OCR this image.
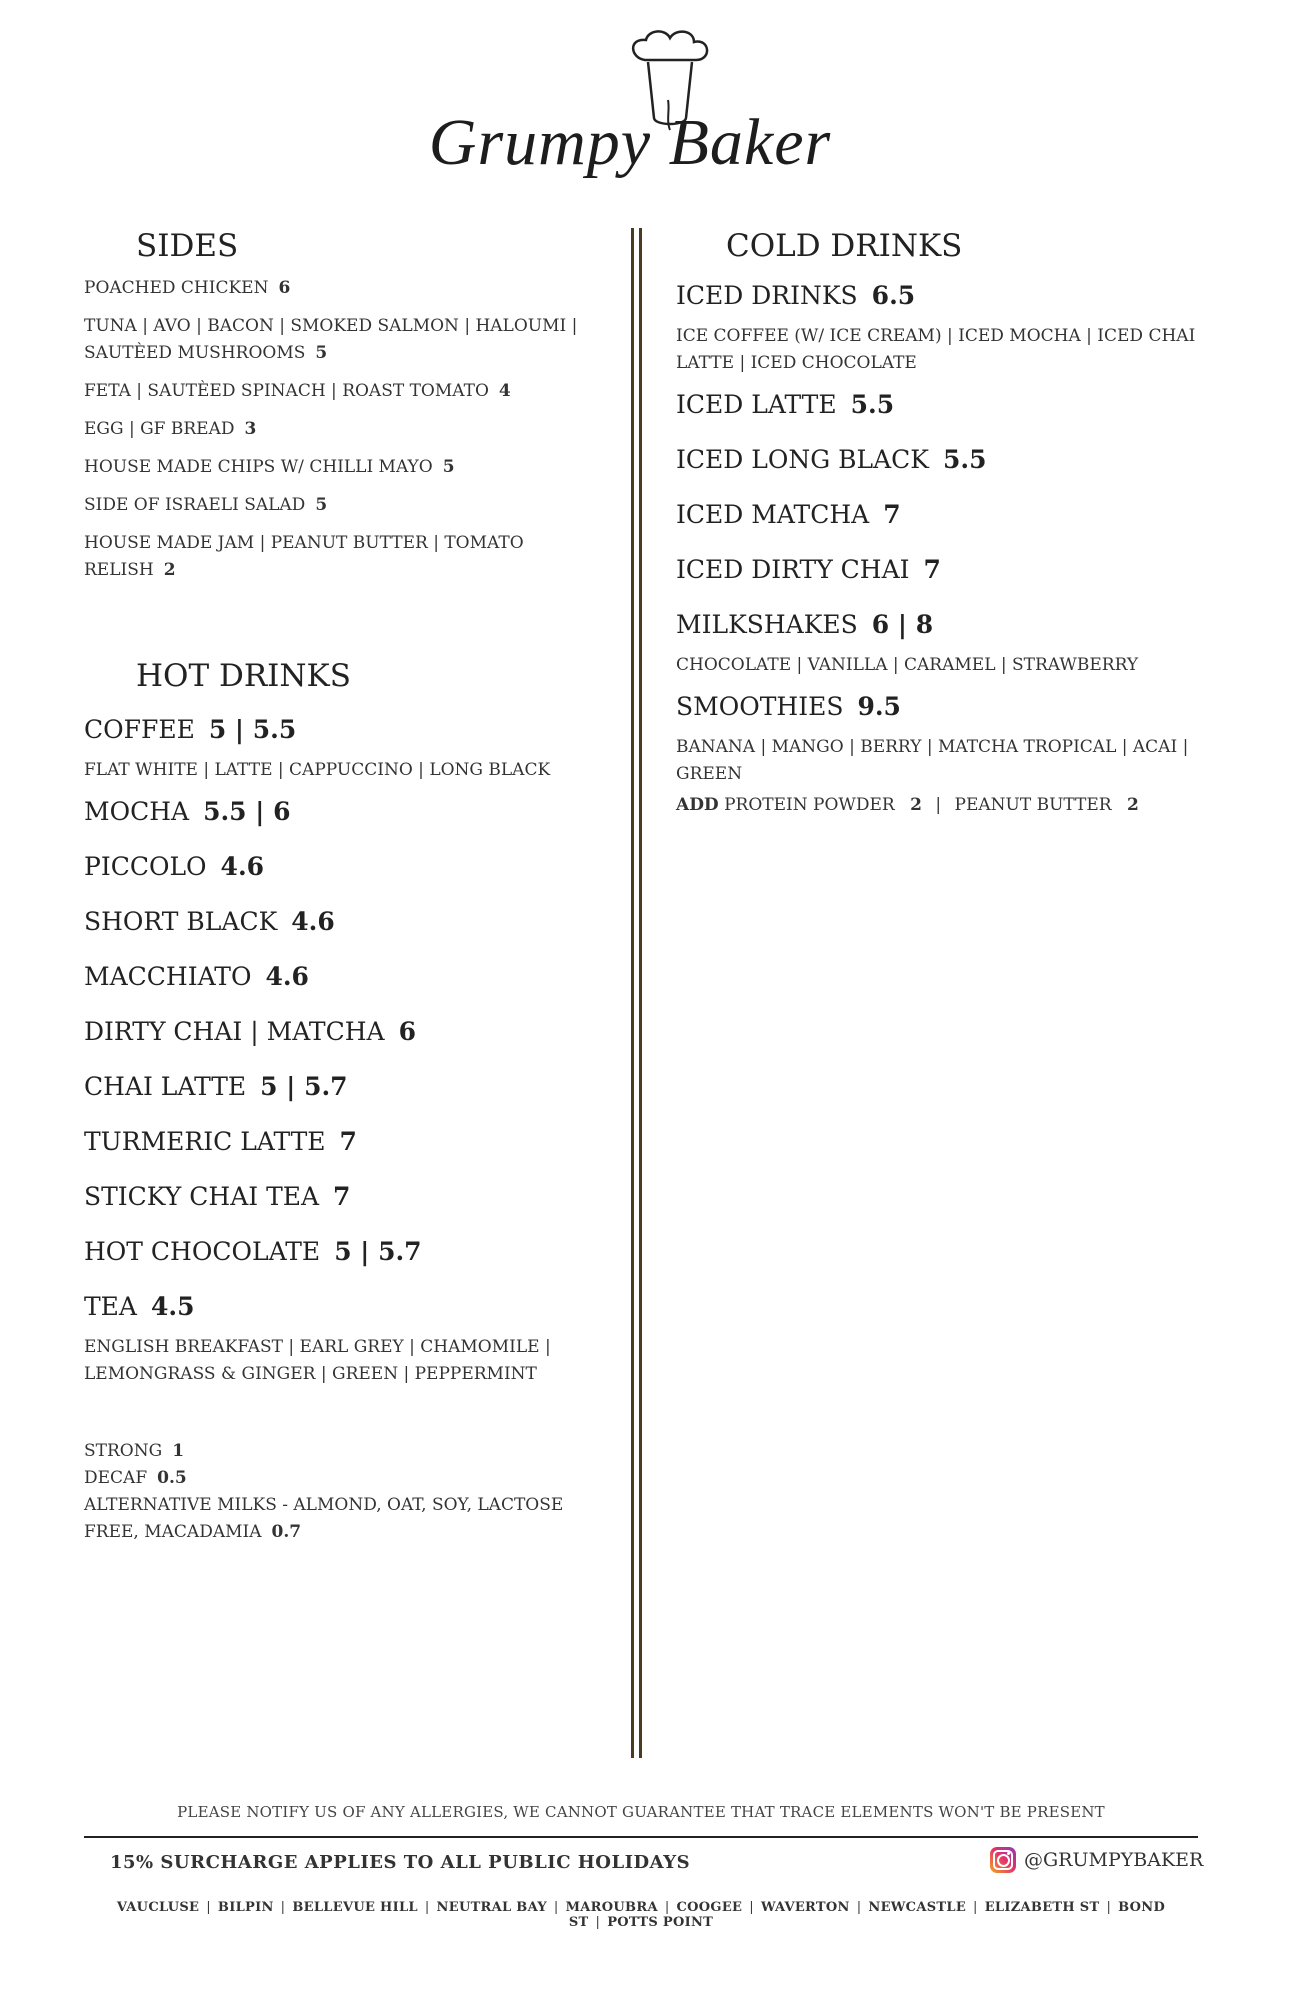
Grumpy Baker
SIDES
POACHED CHICKEN 6
TUNA | AVO | BACON | SMOKED SALMON | HALOUMI | SAUTÈED MUSHROOMS 5
FETA | SAUTÈED SPINACH | ROAST TOMATO 4
EGG | GF BREAD 3
HOUSE MADE CHIPS W/ CHILLI MAYO 5
SIDE OF ISRAELI SALAD 5
HOUSE MADE JAM | PEANUT BUTTER | TOMATO RELISH 2
HOT DRINKS
COFFEE 5 | 5.5
FLAT WHITE | LATTE | CAPPUCCINO | LONG BLACK
MOCHA 5.5 | 6
PICCOLO 4.6
SHORT BLACK 4.6
MACCHIATO 4.6
DIRTY CHAI | MATCHA 6
CHAI LATTE 5 | 5.7
TURMERIC LATTE 7
STICKY CHAI TEA 7
HOT CHOCOLATE 5 | 5.7
TEA 4.5
ENGLISH BREAKFAST | EARL GREY | CHAMOMILE | LEMONGRASS & GINGER | GREEN | PEPPERMINT
STRONG 1
DECAF 0.5
ALTERNATIVE MILKS - ALMOND, OAT, SOY, LACTOSE FREE, MACADAMIA 0.7
COLD DRINKS
ICED DRINKS 6.5
ICE COFFEE (W/ ICE CREAM) | ICED MOCHA | ICED CHAI LATTE | ICED CHOCOLATE
ICED LATTE 5.5
ICED LONG BLACK 5.5
ICED MATCHA 7
ICED DIRTY CHAI 7
MILKSHAKES 6 | 8
CHOCOLATE | VANILLA | CARAMEL | STRAWBERRY
SMOOTHIES 9.5
BANANA | MANGO | BERRY | MATCHA TROPICAL | ACAI | GREEN
ADD PROTEIN POWDER 2 | PEANUT BUTTER 2
PLEASE NOTIFY US OF ANY ALLERGIES, WE CANNOT GUARANTEE THAT TRACE ELEMENTS WON'T BE PRESENT
15% SURCHARGE APPLIES TO ALL PUBLIC HOLIDAYS	@GRUMPYBAKER
VAUCLUSE | BILPIN | BELLEVUE HILL | NEUTRAL BAY | MAROUBRA | COOGEE | WAVERTON | NEWCASTLE | ELIZABETH ST | BOND ST | POTTS POINT
